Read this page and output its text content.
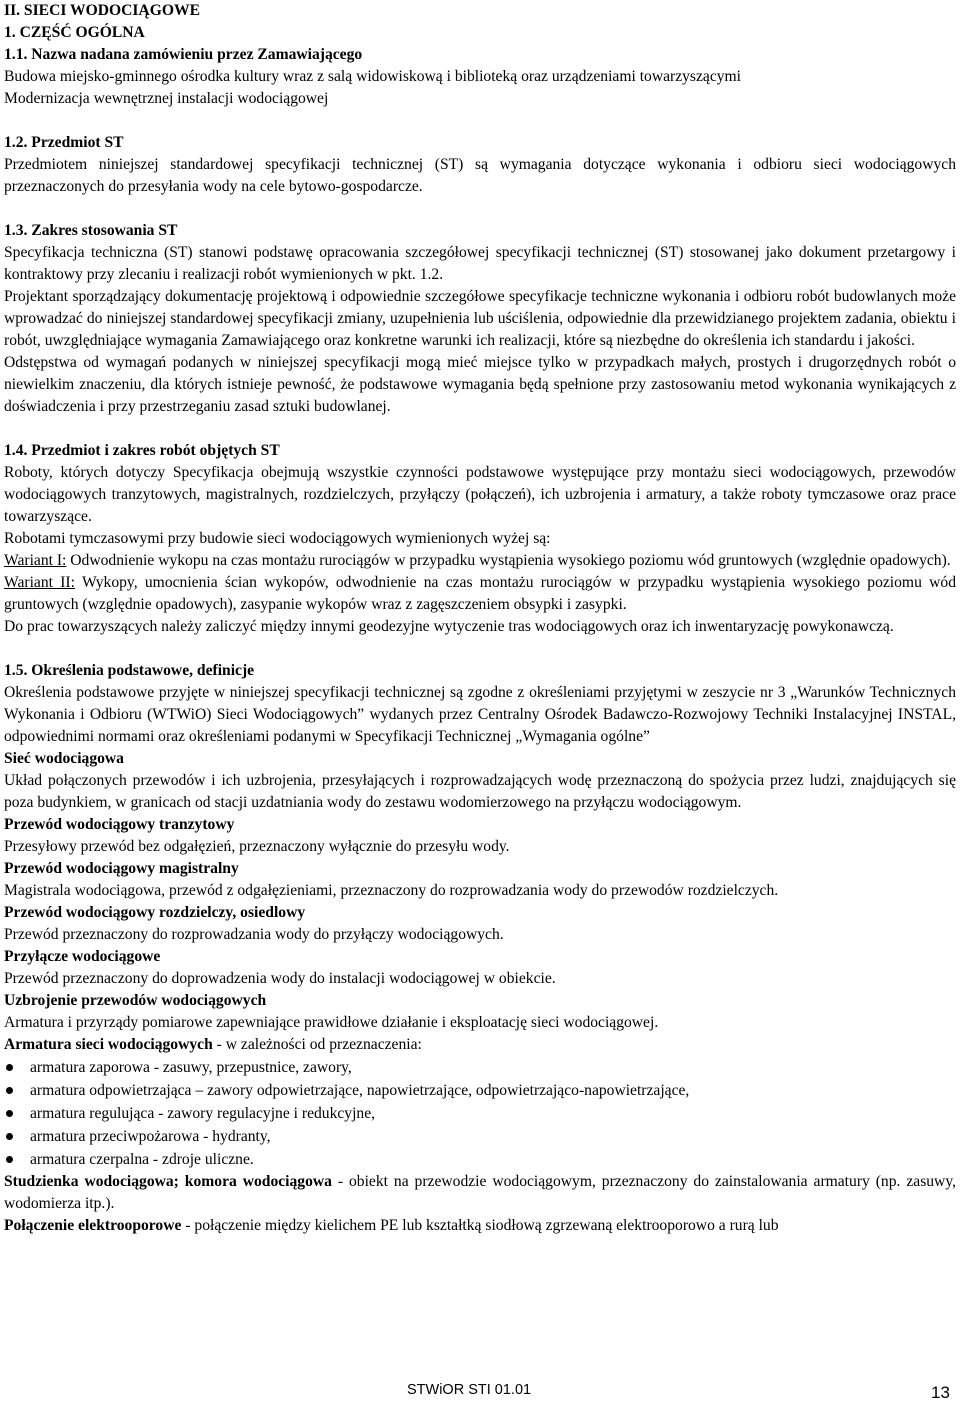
II. SIECI WODOCIĄGOWE

1. CZĘŚĆ OGÓLNA

1.1. Nazwa nadana zamówieniu przez Zamawiającego

Budowa miejsko-gminnego ośrodka kultury wraz z salą widowiskową i biblioteką oraz urządzeniami towarzyszącymi

Modernizacja wewnętrznej instalacji wodociągowej

1.2. Przedmiot ST

Przedmiotem niniejszej standardowej specyfikacji technicznej (ST) są wymagania dotyczące wykonania i odbioru sieci wodociągowych przeznaczonych do przesyłania wody na cele bytowo-gospodarcze.

1.3. Zakres stosowania ST

Specyfikacja techniczna (ST) stanowi podstawę opracowania szczegółowej specyfikacji technicznej (ST) stosowanej jako dokument przetargowy i kontraktowy przy zlecaniu i realizacji robót wymienionych w pkt. 1.2.

Projektant sporządzający dokumentację projektową i odpowiednie szczegółowe specyfikacje techniczne wykonania i odbioru robót budowlanych może wprowadzać do niniejszej standardowej specyfikacji zmiany, uzupełnienia lub uściślenia, odpowiednie dla przewidzianego projektem zadania, obiektu i robót, uwzględniające wymagania Zamawiającego oraz konkretne warunki ich realizacji, które są niezbędne do określenia ich standardu i jakości.

Odstępstwa od wymagań podanych w niniejszej specyfikacji mogą mieć miejsce tylko w przypadkach małych, prostych i drugorzędnych robót o niewielkim znaczeniu, dla których istnieje pewność, że podstawowe wymagania będą spełnione przy zastosowaniu metod wykonania wynikających z doświadczenia i przy przestrzeganiu zasad sztuki budowlanej.

1.4. Przedmiot i zakres robót objętych ST

Roboty, których dotyczy Specyfikacja obejmują wszystkie czynności podstawowe występujące przy montażu sieci wodociągowych, przewodów wodociągowych tranzytowych, magistralnych, rozdzielczych, przyłączy (połączeń), ich uzbrojenia i armatury, a także roboty tymczasowe oraz prace towarzyszące.

Robotami tymczasowymi przy budowie sieci wodociągowych wymienionych wyżej są:

Wariant I: Odwodnienie wykopu na czas montażu rurociągów w przypadku wystąpienia wysokiego poziomu wód gruntowych (względnie opadowych).

Wariant II: Wykopy, umocnienia ścian wykopów, odwodnienie na czas montażu rurociągów w przypadku wystąpienia wysokiego poziomu wód gruntowych (względnie opadowych), zasypanie wykopów wraz z zagęszczeniem obsypki i zasypki.

Do prac towarzyszących należy zaliczyć między innymi geodezyjne wytyczenie tras wodociągowych oraz ich inwentaryzację powykonawczą.

1.5. Określenia podstawowe, definicje

Określenia podstawowe przyjęte w niniejszej specyfikacji technicznej są zgodne z określeniami przyjętymi w zeszycie nr 3 „Warunków Technicznych Wykonania i Odbioru (WTWiO) Sieci Wodociągowych” wydanych przez Centralny Ośrodek Badawczo-Rozwojowy Techniki Instalacyjnej INSTAL, odpowiednimi normami oraz określeniami podanymi w Specyfikacji Technicznej „Wymagania ogólne”

Sieć wodociągowa

Układ połączonych przewodów i ich uzbrojenia, przesyłających i rozprowadzających wodę przeznaczoną do spożycia przez ludzi, znajdujących się poza budynkiem, w granicach od stacji uzdatniania wody do zestawu wodomierzowego na przyłączu wodociągowym.

Przewód wodociągowy tranzytowy

Przesyłowy przewód bez odgałęzień, przeznaczony wyłącznie do przesyłu wody.

Przewód wodociągowy magistralny

Magistrala wodociągowa, przewód z odgałęzieniami, przeznaczony do rozprowadzania wody do przewodów rozdzielczych.

Przewód wodociągowy rozdzielczy, osiedlowy

Przewód przeznaczony do rozprowadzania wody do przyłączy wodociągowych.

Przyłącze wodociągowe

Przewód przeznaczony do doprowadzenia wody do instalacji wodociągowej w obiekcie.

Uzbrojenie przewodów wodociągowych

Armatura i przyrządy pomiarowe zapewniające prawidłowe działanie i eksploatację sieci wodociągowej.

Armatura sieci wodociągowych - w zależności od przeznaczenia:

armatura zaporowa - zasuwy, przepustnice, zawory,
armatura odpowietrzająca – zawory odpowietrzające, napowietrzające, odpowietrzająco-napowietrzające,
armatura regulująca - zawory regulacyjne i redukcyjne,
armatura przeciwpożarowa - hydranty,
armatura czerpalna - zdroje uliczne.

Studzienka wodociągowa; komora wodociągowa - obiekt na przewodzie wodociągowym, przeznaczony do zainstalowania armatury (np. zasuwy, wodomierza itp.).

Połączenie elektrooporowe - połączenie między kielichem PE lub kształtką siodłową zgrzewaną elektrooporowo a rurą lub

STWiOR STI 01.01	13
